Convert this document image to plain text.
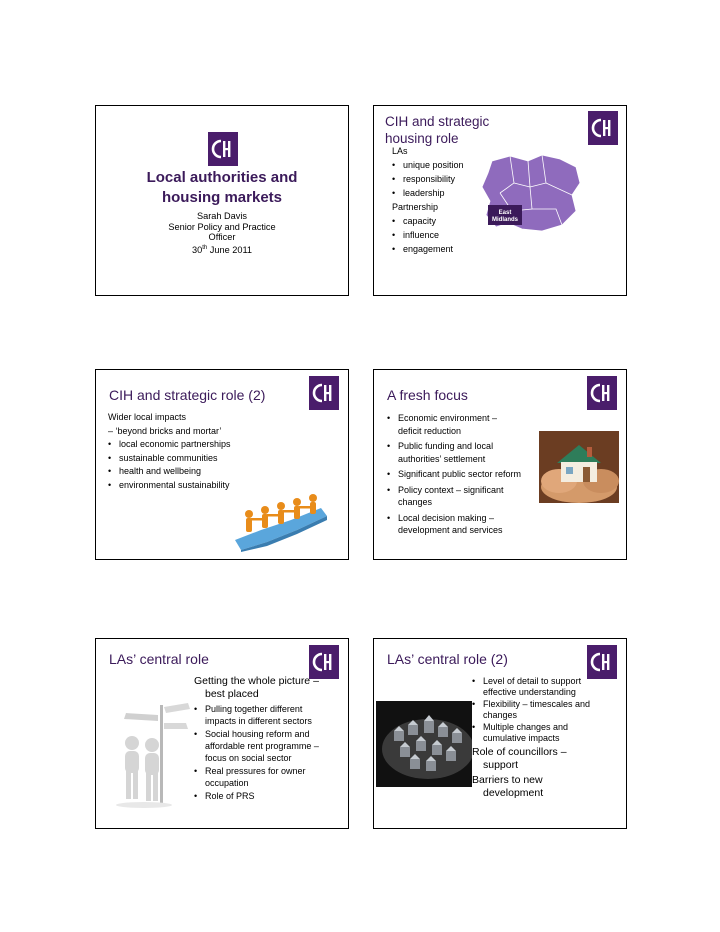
Local authorities and
housing markets
Sarah Davis
Senior Policy and Practice
Officer
30th June 2011
CIH and strategic
housing role
LAs
• unique position
• responsibility
• leadership
Partnership
• capacity
• influence
• engagement
East
Midlands
CIH and strategic role (2)
Wider local impacts
– ‘beyond bricks and mortar’
• local economic partnerships
• sustainable communities
• health and wellbeing
• environmental sustainability
A fresh focus
• Economic environment –
deficit reduction
• Public funding and local
authorities’ settlement
• Significant public sector reform
• Policy context – significant
changes
• Local decision making –
development and services
LAs’ central role
Getting the whole picture –
best placed
• Pulling together different
impacts in different sectors
• Social housing reform and
affordable rent programme –
focus on social sector
• Real pressures for owner
occupation
• Role of PRS
LAs’ central role (2)
• Level of detail to support
effective understanding
• Flexibility – timescales and
changes
• Multiple changes and
cumulative impacts
Role of councillors –
support
Barriers to new
development
